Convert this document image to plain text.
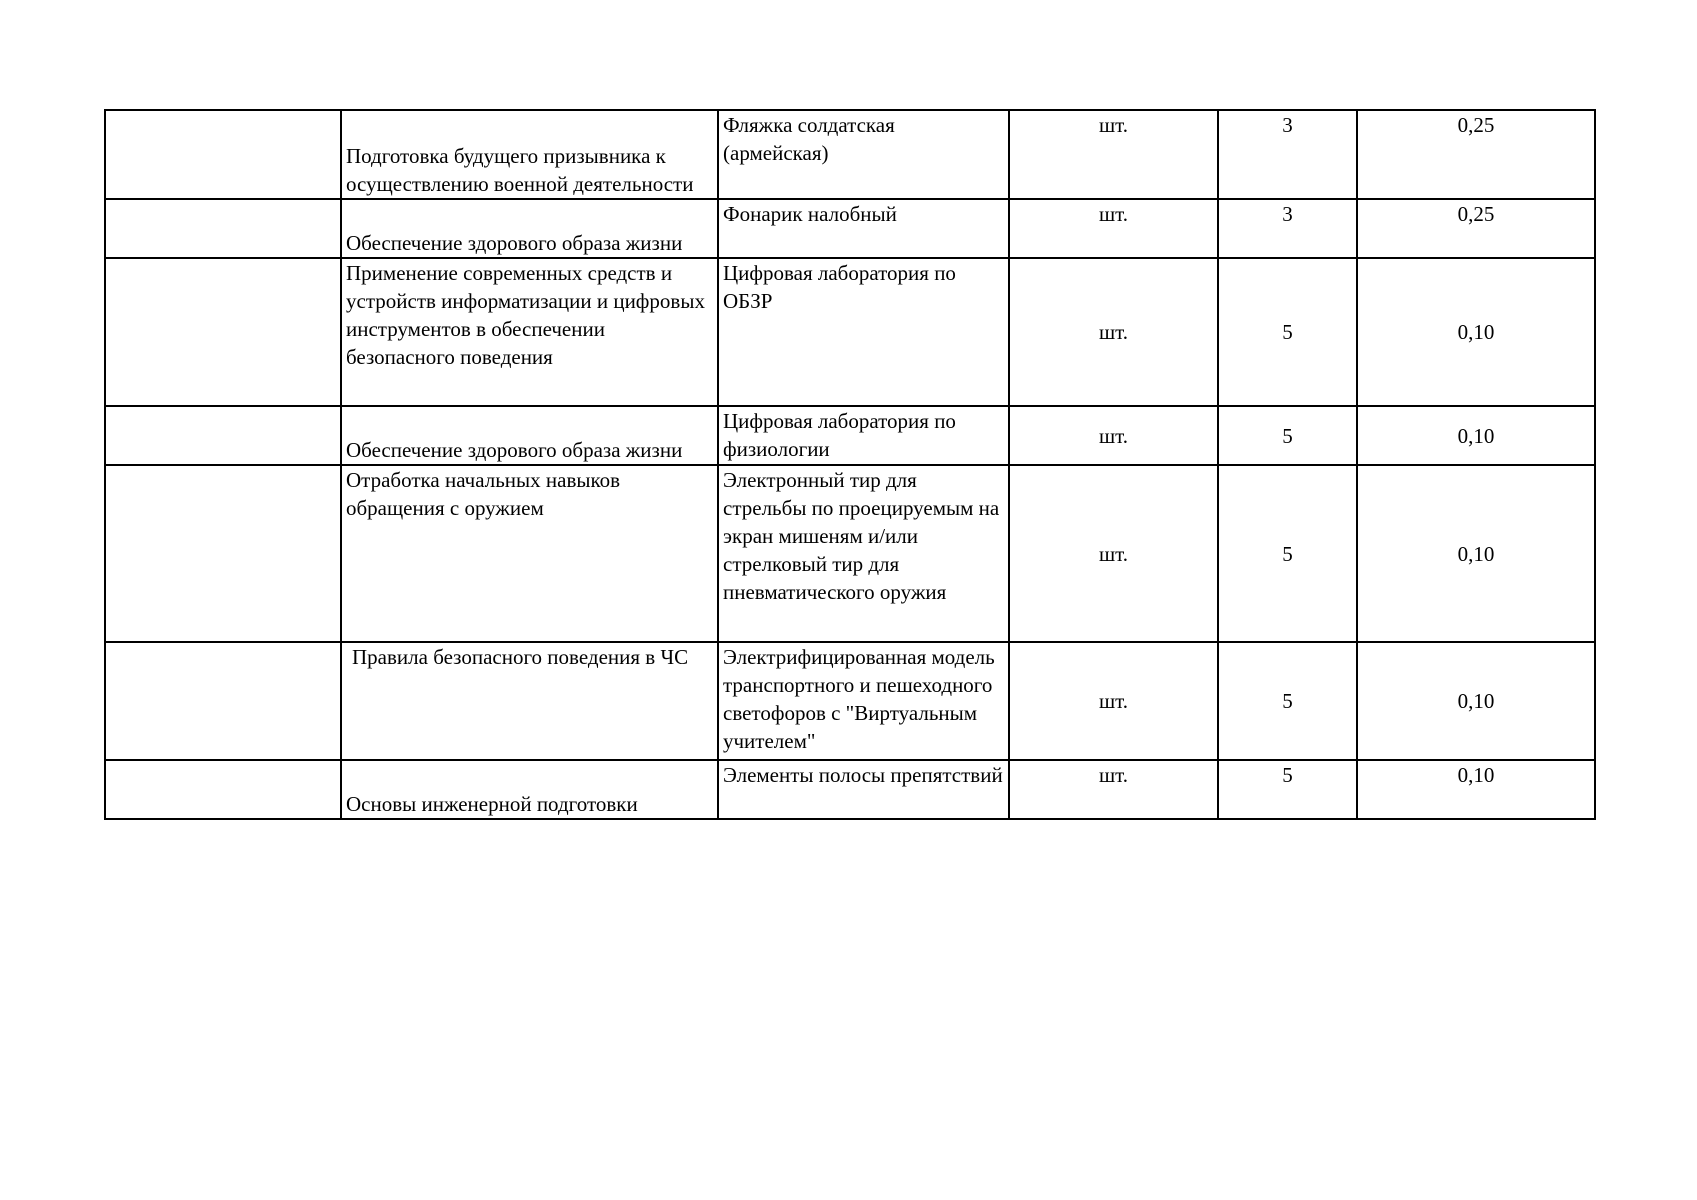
	Подготовка будущего призывника к осуществлению военной деятельности	Фляжка солдатская (армейская)	шт.	3	0,25
	Обеспечение здорового образа жизни	Фонарик налобный	шт.	3	0,25
	Применение современных средств и устройств информатизации и цифровых инструментов в обеспечении безопасного поведения	Цифровая лаборатория по ОБЗР	шт.	5	0,10
	Обеспечение здорового образа жизни	Цифровая лаборатория по физиологии	шт.	5	0,10
	Отработка начальных навыков обращения с оружием	Электронный тир для стрельбы по проецируемым на экран мишеням и/или стрелковый тир для пневматического оружия	шт.	5	0,10
	Правила безопасного поведения в ЧС	Электрифицированная модель транспортного и пешеходного светофоров с "Виртуальным учителем"	шт.	5	0,10
	Основы инженерной подготовки	Элементы полосы препятствий	шт.	5	0,10
